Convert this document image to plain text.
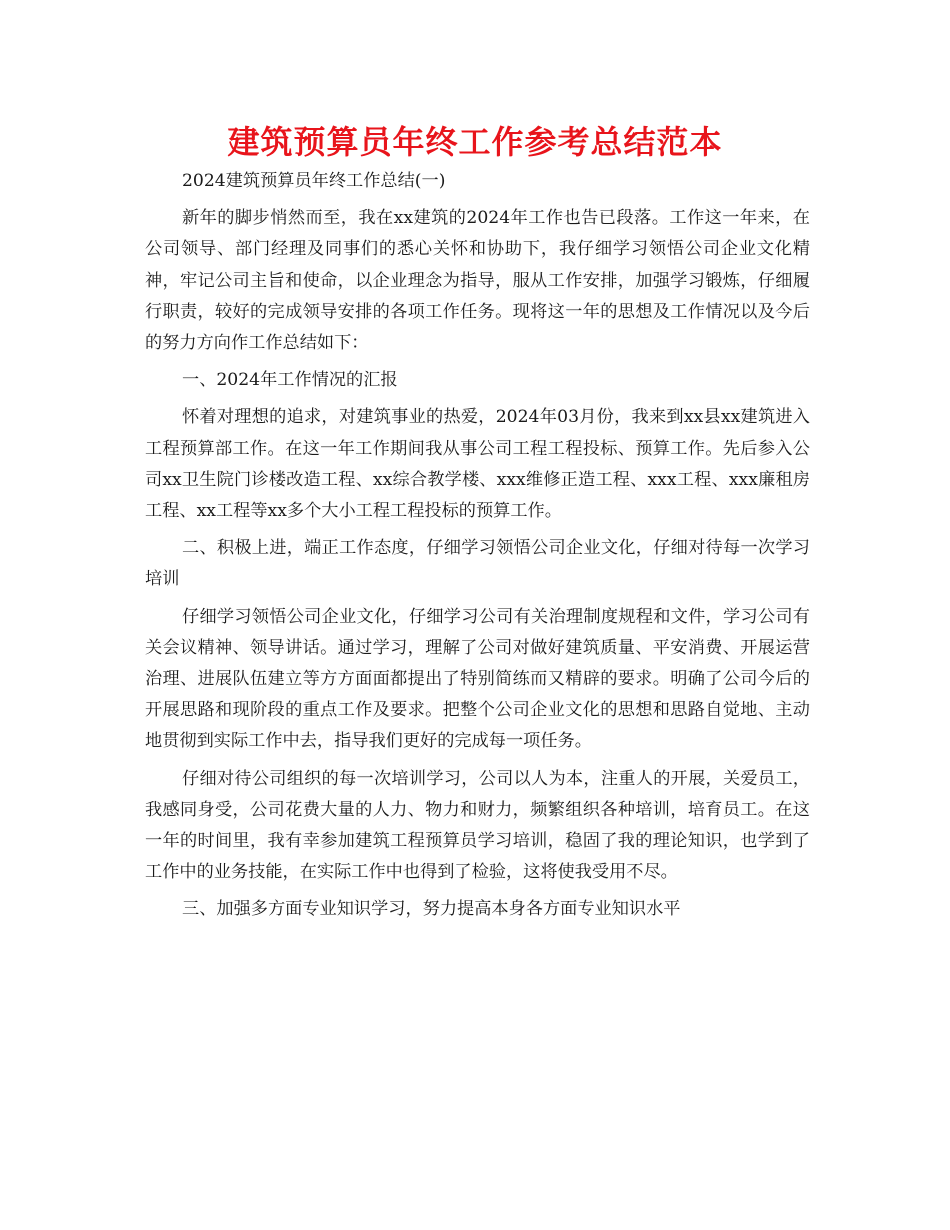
建筑预算员年终工作参考总结范本

2024建筑预算员年终工作总结(一)

新年的脚步悄然而至，我在xx建筑的2024年工作也告已段落。工作这一年来，在公司领导、部门经理及同事们的悉心关怀和协助下，我仔细学习领悟公司企业文化精神，牢记公司主旨和使命，以企业理念为指导，服从工作安排，加强学习锻炼，仔细履行职责，较好的完成领导安排的各项工作任务。现将这一年的思想及工作情况以及今后的努力方向作工作总结如下：

一、2024年工作情况的汇报

怀着对理想的追求，对建筑事业的热爱，2024年03月份，我来到xx县xx建筑进入工程预算部工作。在这一年工作期间我从事公司工程工程投标、预算工作。先后参入公司xx卫生院门诊楼改造工程、xx综合教学楼、xxx维修正造工程、xxx工程、xxx廉租房工程、xx工程等xx多个大小工程工程投标的预算工作。

二、积极上进，端正工作态度，仔细学习领悟公司企业文化，仔细对待每一次学习培训

仔细学习领悟公司企业文化，仔细学习公司有关治理制度规程和文件，学习公司有关会议精神、领导讲话。通过学习，理解了公司对做好建筑质量、平安消费、开展运营治理、进展队伍建立等方方面面都提出了特别简练而又精辟的要求。明确了公司今后的开展思路和现阶段的重点工作及要求。把整个公司企业文化的思想和思路自觉地、主动地贯彻到实际工作中去，指导我们更好的完成每一项任务。

仔细对待公司组织的每一次培训学习，公司以人为本，注重人的开展，关爱员工，我感同身受，公司花费大量的人力、物力和财力，频繁组织各种培训，培育员工。在这一年的时间里，我有幸参加建筑工程预算员学习培训，稳固了我的理论知识，也学到了工作中的业务技能，在实际工作中也得到了检验，这将使我受用不尽。

三、加强多方面专业知识学习，努力提高本身各方面专业知识水平
